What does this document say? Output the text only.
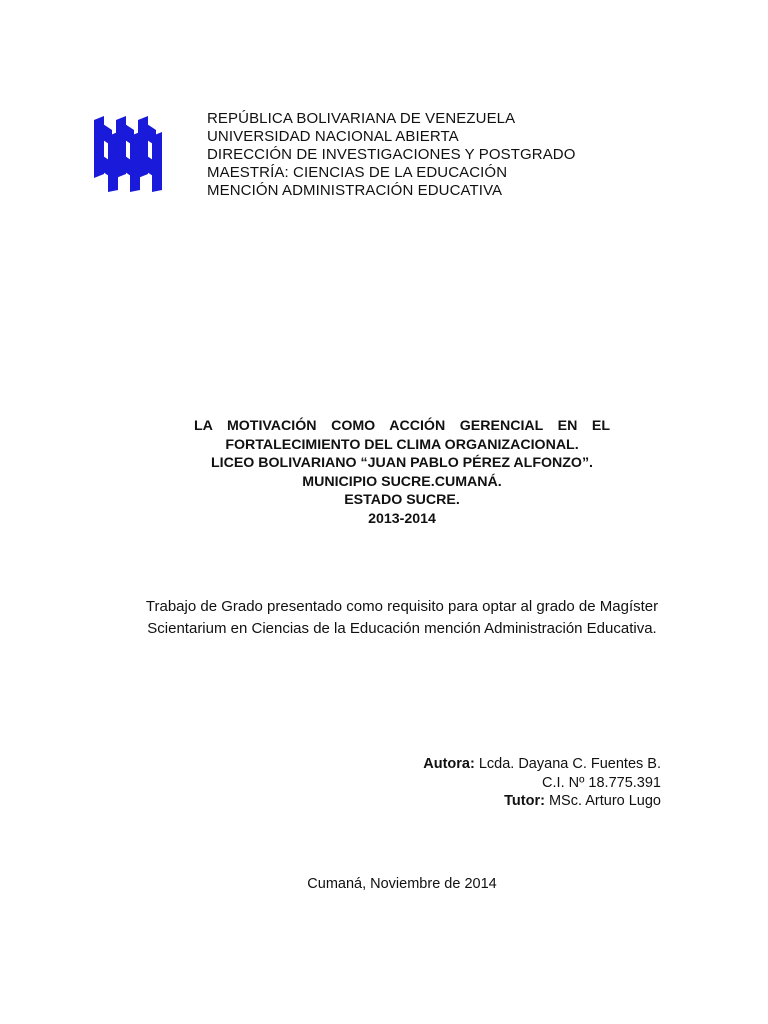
REPÚBLICA BOLIVARIANA DE VENEZUELA
UNIVERSIDAD NACIONAL ABIERTA
DIRECCIÓN DE INVESTIGACIONES Y POSTGRADO
MAESTRÍA: CIENCIAS DE LA EDUCACIÓN
MENCIÓN ADMINISTRACIÓN EDUCATIVA
LA MOTIVACIÓN COMO ACCIÓN GERENCIAL EN EL
FORTALECIMIENTO DEL CLIMA ORGANIZACIONAL.
LICEO BOLIVARIANO “JUAN PABLO PÉREZ ALFONZO”.
MUNICIPIO SUCRE.CUMANÁ.
ESTADO SUCRE.
2013-2014
Trabajo de Grado presentado como requisito para optar al grado de Magíster
Scientarium en Ciencias de la Educación mención Administración Educativa.
Autora: Lcda. Dayana C. Fuentes B.
C.I. Nº 18.775.391
Tutor: MSc. Arturo Lugo
Cumaná, Noviembre de 2014
